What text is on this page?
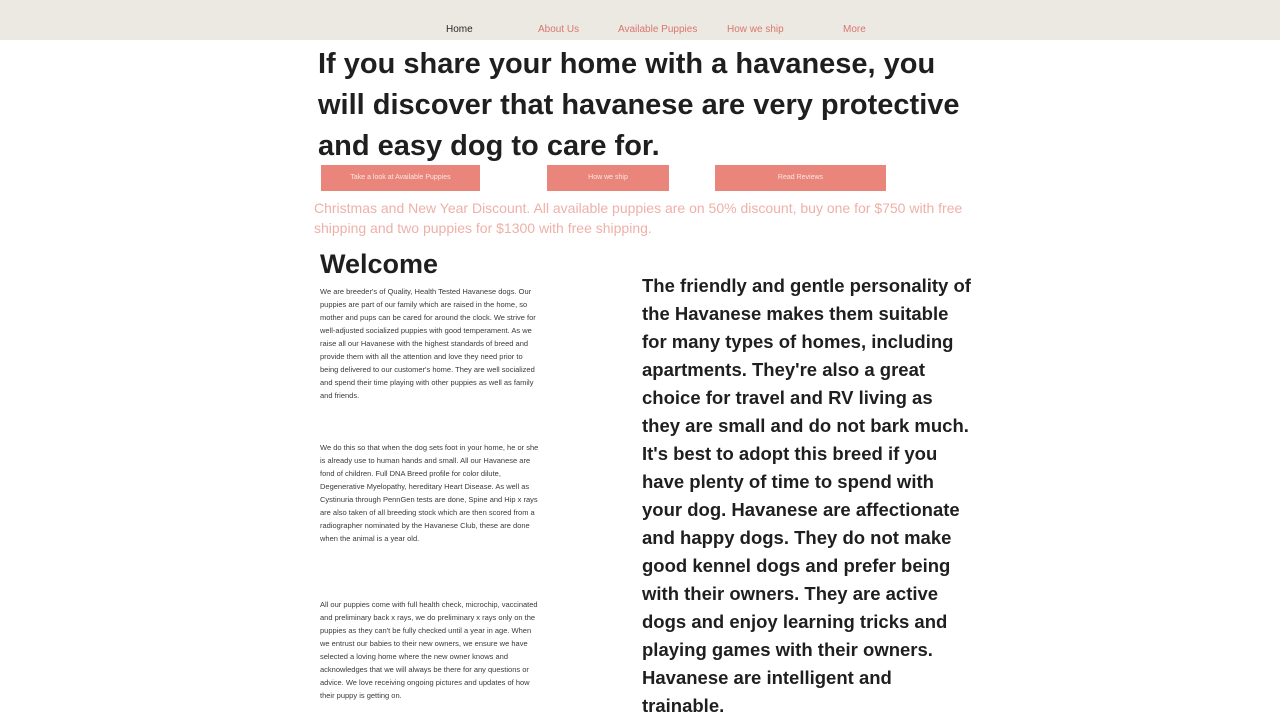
Home	About Us	Available Puppies	How we ship	More
If you share your home with a havanese, you will discover that havanese are very protective and easy dog to care for.
Take a look at Available Puppies	How we ship	Read Reviews

Christmas and New Year Discount. All available puppies are on 50% discount, buy one for $750 with free shipping and two puppies for $1300 with free shipping.

Welcome

We are breeder's of Quality, Health Tested Havanese dogs. Our puppies are part of our family which are raised in the home, so mother and pups can be cared for around the clock. We strive for well-adjusted socialized puppies with good temperament. As we raise all our Havanese with the highest standards of breed and provide them with all the attention and love they need prior to being delivered to our customer's home. They are well socialized and spend their time playing with other puppies as well as family and friends.

We do this so that when the dog sets foot in your home, he or she is already use to human hands and small. All our Havanese are fond of children. Full DNA Breed profile for color dilute, Degenerative Myelopathy, hereditary Heart Disease. As well as Cystinuria through PennGen tests are done, Spine and Hip x rays are also taken of all breeding stock which are then scored from a radiographer nominated by the Havanese Club, these are done when the animal is a year old.

All our puppies come with full health check, microchip, vaccinated and preliminary back x rays, we do preliminary x rays only on the puppies as they can't be fully checked until a year in age. When we entrust our babies to their new owners, we ensure we have selected a loving home where the new owner knows and acknowledges that we will always be there for any questions or advice. We love receiving ongoing pictures and updates of how their puppy is getting on.

The friendly and gentle personality of the Havanese makes them suitable for many types of homes, including apartments. They're also a great choice for travel and RV living as they are small and do not bark much. It's best to adopt this breed if you have plenty of time to spend with your dog. Havanese are affectionate and happy dogs. They do not make good kennel dogs and prefer being with their owners. They are active dogs and enjoy learning tricks and playing games with their owners. Havanese are intelligent and trainable.
